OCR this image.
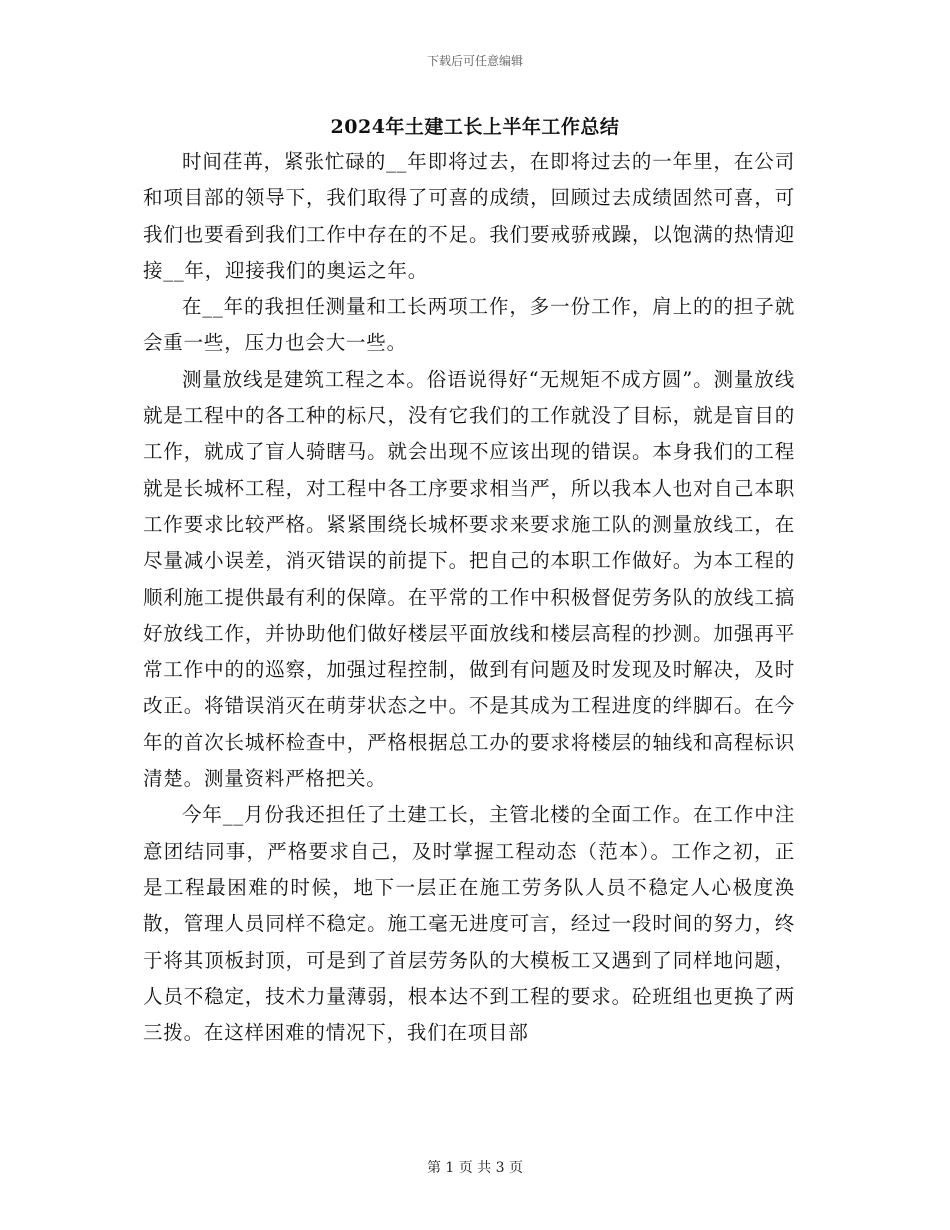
下载后可任意编辑
2024年土建工长上半年工作总结

时间荏苒，紧张忙碌的__年即将过去，在即将过去的一年里，在公司和项目部的领导下，我们取得了可喜的成绩，回顾过去成绩固然可喜，可我们也要看到我们工作中存在的不足。我们要戒骄戒躁，以饱满的热情迎接__年，迎接我们的奥运之年。

在__年的我担任测量和工长两项工作，多一份工作，肩上的的担子就会重一些，压力也会大一些。

测量放线是建筑工程之本。俗语说得好“无规矩不成方圆”。测量放线就是工程中的各工种的标尺，没有它我们的工作就没了目标，就是盲目的工作，就成了盲人骑瞎马。就会出现不应该出现的错误。本身我们的工程就是长城杯工程，对工程中各工序要求相当严，所以我本人也对自己本职工作要求比较严格。紧紧围绕长城杯要求来要求施工队的测量放线工，在尽量减小误差，消灭错误的前提下。把自己的本职工作做好。为本工程的顺利施工提供最有利的保障。在平常的工作中积极督促劳务队的放线工搞好放线工作，并协助他们做好楼层平面放线和楼层高程的抄测。加强再平常工作中的的巡察，加强过程控制，做到有问题及时发现及时解决，及时改正。将错误消灭在萌芽状态之中。不是其成为工程进度的绊脚石。在今年的首次长城杯检查中，严格根据总工办的要求将楼层的轴线和高程标识清楚。测量资料严格把关。

今年__月份我还担任了土建工长，主管北楼的全面工作。在工作中注意团结同事，严格要求自己，及时掌握工程动态（范本）。工作之初，正是工程最困难的时候，地下一层正在施工劳务队人员不稳定人心极度涣散，管理人员同样不稳定。施工毫无进度可言，经过一段时间的努力，终于将其顶板封顶，可是到了首层劳务队的大模板工又遇到了同样地问题，人员不稳定，技术力量薄弱，根本达不到工程的要求。砼班组也更换了两三拨。在这样困难的情况下，我们在项目部

第 1 页 共 3 页
